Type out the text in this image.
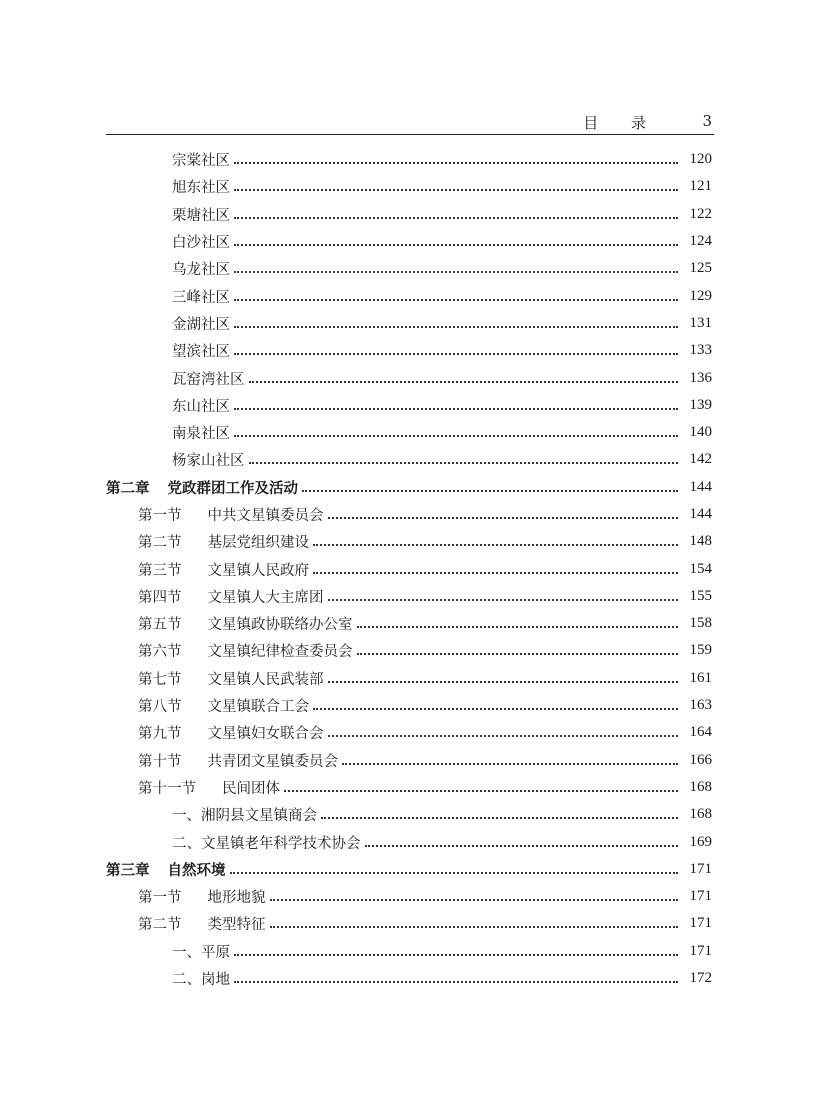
目 录	3
宗棠社区	120
旭东社区	121
栗塘社区	122
白沙社区	124
乌龙社区	125
三峰社区	129
金湖社区	131
望滨社区	133
瓦窑湾社区	136
东山社区	139
南泉社区	140
杨家山社区	142
第二章 党政群团工作及活动	144
第一节 中共文星镇委员会	144
第二节 基层党组织建设	148
第三节 文星镇人民政府	154
第四节 文星镇人大主席团	155
第五节 文星镇政协联络办公室	158
第六节 文星镇纪律检查委员会	159
第七节 文星镇人民武装部	161
第八节 文星镇联合工会	163
第九节 文星镇妇女联合会	164
第十节 共青团文星镇委员会	166
第十一节 民间团体	168
一、湘阴县文星镇商会	168
二、文星镇老年科学技术协会	169
第三章 自然环境	171
第一节 地形地貌	171
第二节 类型特征	171
一、平原	171
二、岗地	172
